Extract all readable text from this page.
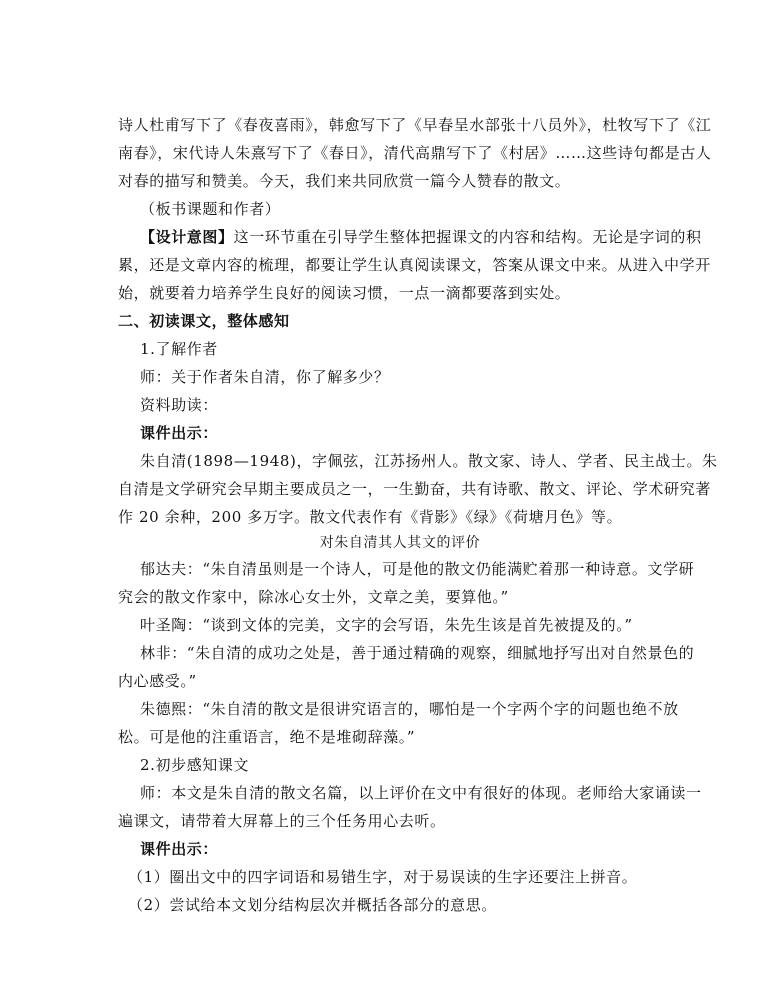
诗人杜甫写下了《春夜喜雨》，韩愈写下了《早春呈水部张十八员外》，杜牧写下了《江
南春》，宋代诗人朱熹写下了《春日》，清代高鼎写下了《村居》……这些诗句都是古人
对春的描写和赞美。今天，我们来共同欣赏一篇今人赞春的散文。
（板书课题和作者）
【设计意图】这一环节重在引导学生整体把握课文的内容和结构。无论是字词的积
累，还是文章内容的梳理，都要让学生认真阅读课文，答案从课文中来。从进入中学开
始，就要着力培养学生良好的阅读习惯，一点一滴都要落到实处。
二、初读课文，整体感知
1.了解作者
师：关于作者朱自清，你了解多少？
资料助读：
课件出示：
朱自清(1898—1948)，字佩弦，江苏扬州人。散文家、诗人、学者、民主战士。朱
自清是文学研究会早期主要成员之一，一生勤奋，共有诗歌、散文、评论、学术研究著
作 20 余种，200 多万字。散文代表作有《背影》《绿》《荷塘月色》等。
对朱自清其人其文的评价
郁达夫：“朱自清虽则是一个诗人，可是他的散文仍能满贮着那一种诗意。文学研
究会的散文作家中，除冰心女士外，文章之美，要算他。”
叶圣陶：“谈到文体的完美，文字的会写语，朱先生该是首先被提及的。”
林非：“朱自清的成功之处是，善于通过精确的观察，细腻地抒写出对自然景色的
内心感受。”
朱德熙：“朱自清的散文是很讲究语言的，哪怕是一个字两个字的问题也绝不放
松。可是他的注重语言，绝不是堆砌辞藻。”
2.初步感知课文
师：本文是朱自清的散文名篇，以上评价在文中有很好的体现。老师给大家诵读一
遍课文，请带着大屏幕上的三个任务用心去听。
课件出示：
（1）圈出文中的四字词语和易错生字，对于易误读的生字还要注上拼音。
（2）尝试给本文划分结构层次并概括各部分的意思。
